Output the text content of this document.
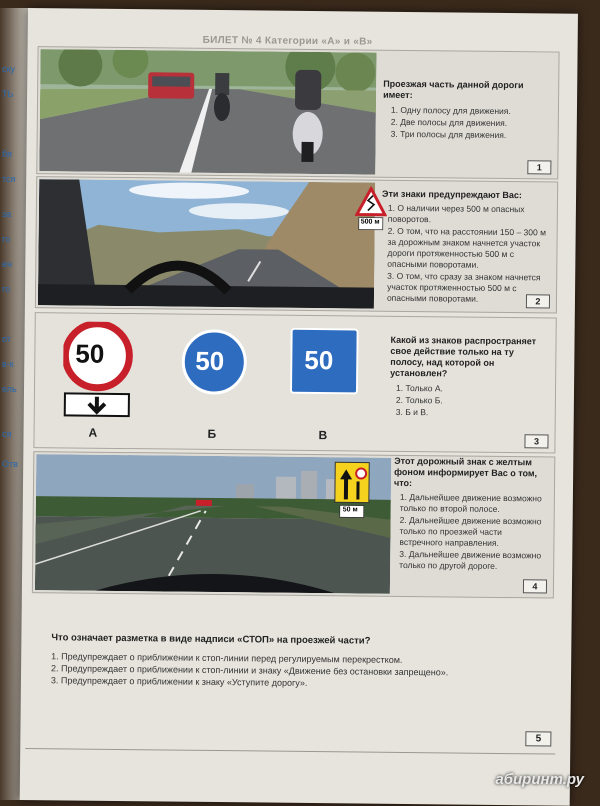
ску
ТЬ
бя
тся
за
го
ен
го
от
в-к
ель
ся
Отв
БИЛЕТ № 4 Категории «А» и «В»
Проезжая часть данной дороги имеет:
1. Одну полосу для движения.
2. Две полосы для движения.
3. Три полосы для движения.
1
500 м
Эти знаки предупреждают Вас:
1. О наличии через 500 м опасных поворотов.
2. О том, что на расстоянии 150 – 300 м за дорожным знаком начнется участок дороги протяженностью 500 м с опасными поворотами.
3. О том, что сразу за знаком начнется участок протяженностью 500 м с опасными поворотами.	2
50	50	50
А	Б	В
Какой из знаков распространяет свое действие только на ту полосу, над которой он установлен?
1. Только А.
2. Только Б.
3. Б и В.
3
50 м
Этот дорожный знак с желтым фоном информирует Вас о том, что:
1. Дальнейшее движение возможно только по второй полосе.
2. Дальнейшее движение возможно только по проезжей части встречного направления.
3. Дальнейшее движение возможно только по другой дороге.
4
Что означает разметка в виде надписи «СТОП» на проезжей части?
1. Предупреждает о приближении к стоп-линии перед регулируемым перекрестком.
2. Предупреждает о приближении к стоп-линии и знаку «Движение без остановки запрещено».
3. Предупреждает о приближении к знаку «Уступите дорогу».
5
абиринт.ру
